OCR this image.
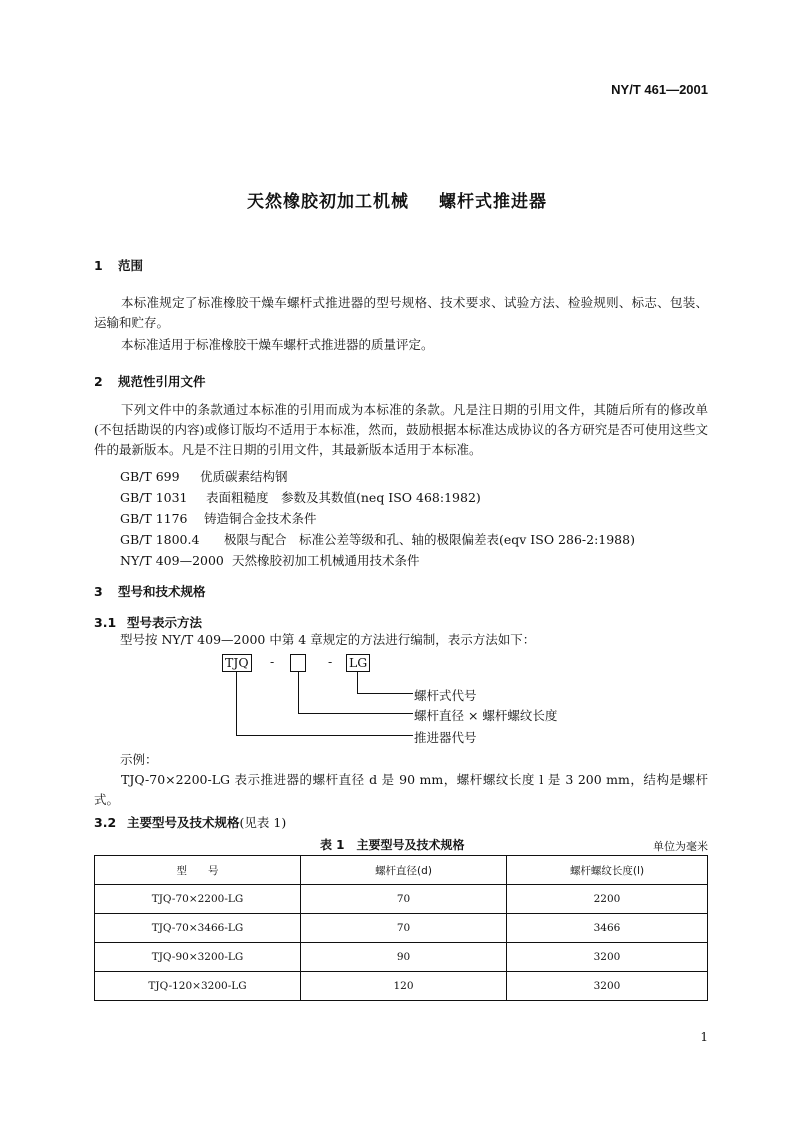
NY/T 461—2001
天然橡胶初加工机械 螺杆式推进器
1 范围
本标准规定了标准橡胶干燥车螺杆式推进器的型号规格、技术要求、试验方法、检验规则、标志、包装、运输和贮存。
本标准适用于标准橡胶干燥车螺杆式推进器的质量评定。
2 规范性引用文件
下列文件中的条款通过本标准的引用而成为本标准的条款。凡是注日期的引用文件，其随后所有的修改单(不包括勘误的内容)或修订版均不适用于本标准，然而，鼓励根据本标准达成协议的各方研究是否可使用这些文件的最新版本。凡是不注日期的引用文件，其最新版本适用于本标准。
GB/T 699 优质碳素结构钢
GB/T 1031 表面粗糙度　参数及其数值(neq ISO 468:1982)
GB/T 1176 铸造铜合金技术条件
GB/T 1800.4 极限与配合　标准公差等级和孔、轴的极限偏差表(eqv ISO 286-2:1988)
NY/T 409—2000 天然橡胶初加工机械通用技术条件
3 型号和技术规格
3.1 型号表示方法
型号按 NY/T 409—2000 中第 4 章规定的方法进行编制，表示方法如下：
TJQ -	- LG
螺杆式代号
螺杆直径 × 螺杆螺纹长度
推进器代号
示例：
TJQ-70×2200-LG 表示推进器的螺杆直径 d 是 90 mm，螺杆螺纹长度 l 是 3 200 mm，结构是螺杆式。
3.2 主要型号及技术规格(见表 1)
表 1　主要型号及技术规格	单位为毫米
型　　号	螺杆直径(d)	螺杆螺纹长度(l)
TJQ-70×2200-LG	70	2200
TJQ-70×3466-LG	70	3466
TJQ-90×3200-LG	90	3200
TJQ-120×3200-LG	120	3200
1
